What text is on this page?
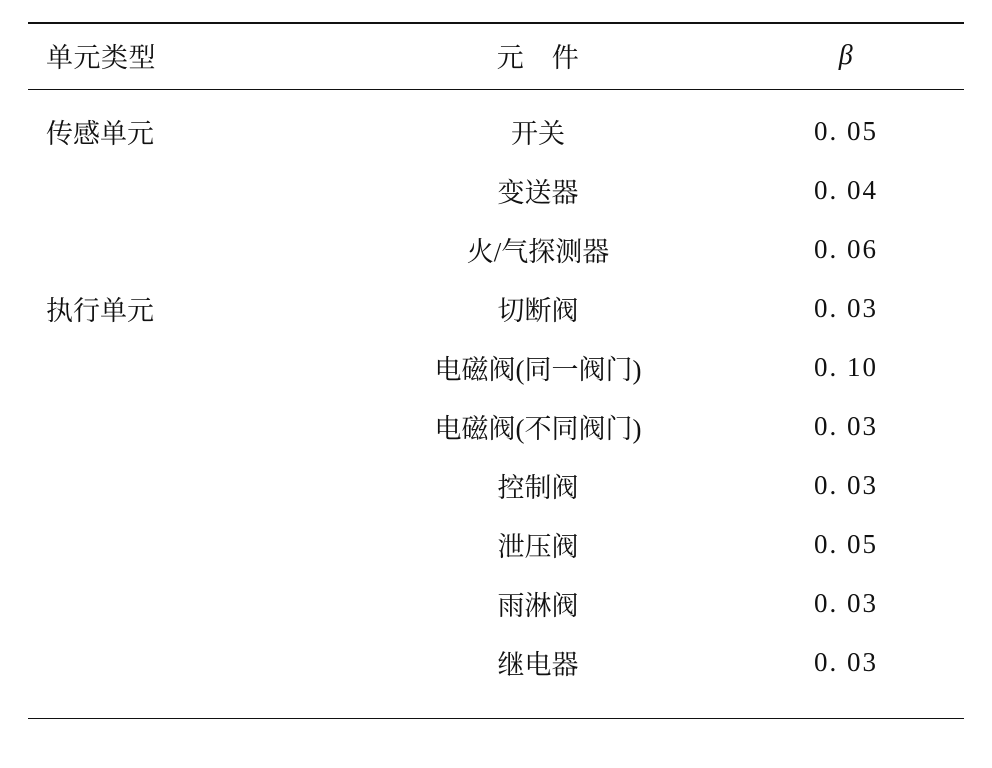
单元类型	元　件	β
传感单元	开关	0. 05
	变送器	0. 04
	火/气探测器	0. 06
执行单元	切断阀	0. 03
	电磁阀(同一阀门)	0. 10
	电磁阀(不同阀门)	0. 03
	控制阀	0. 03
	泄压阀	0. 05
	雨淋阀	0. 03
	继电器	0. 03
